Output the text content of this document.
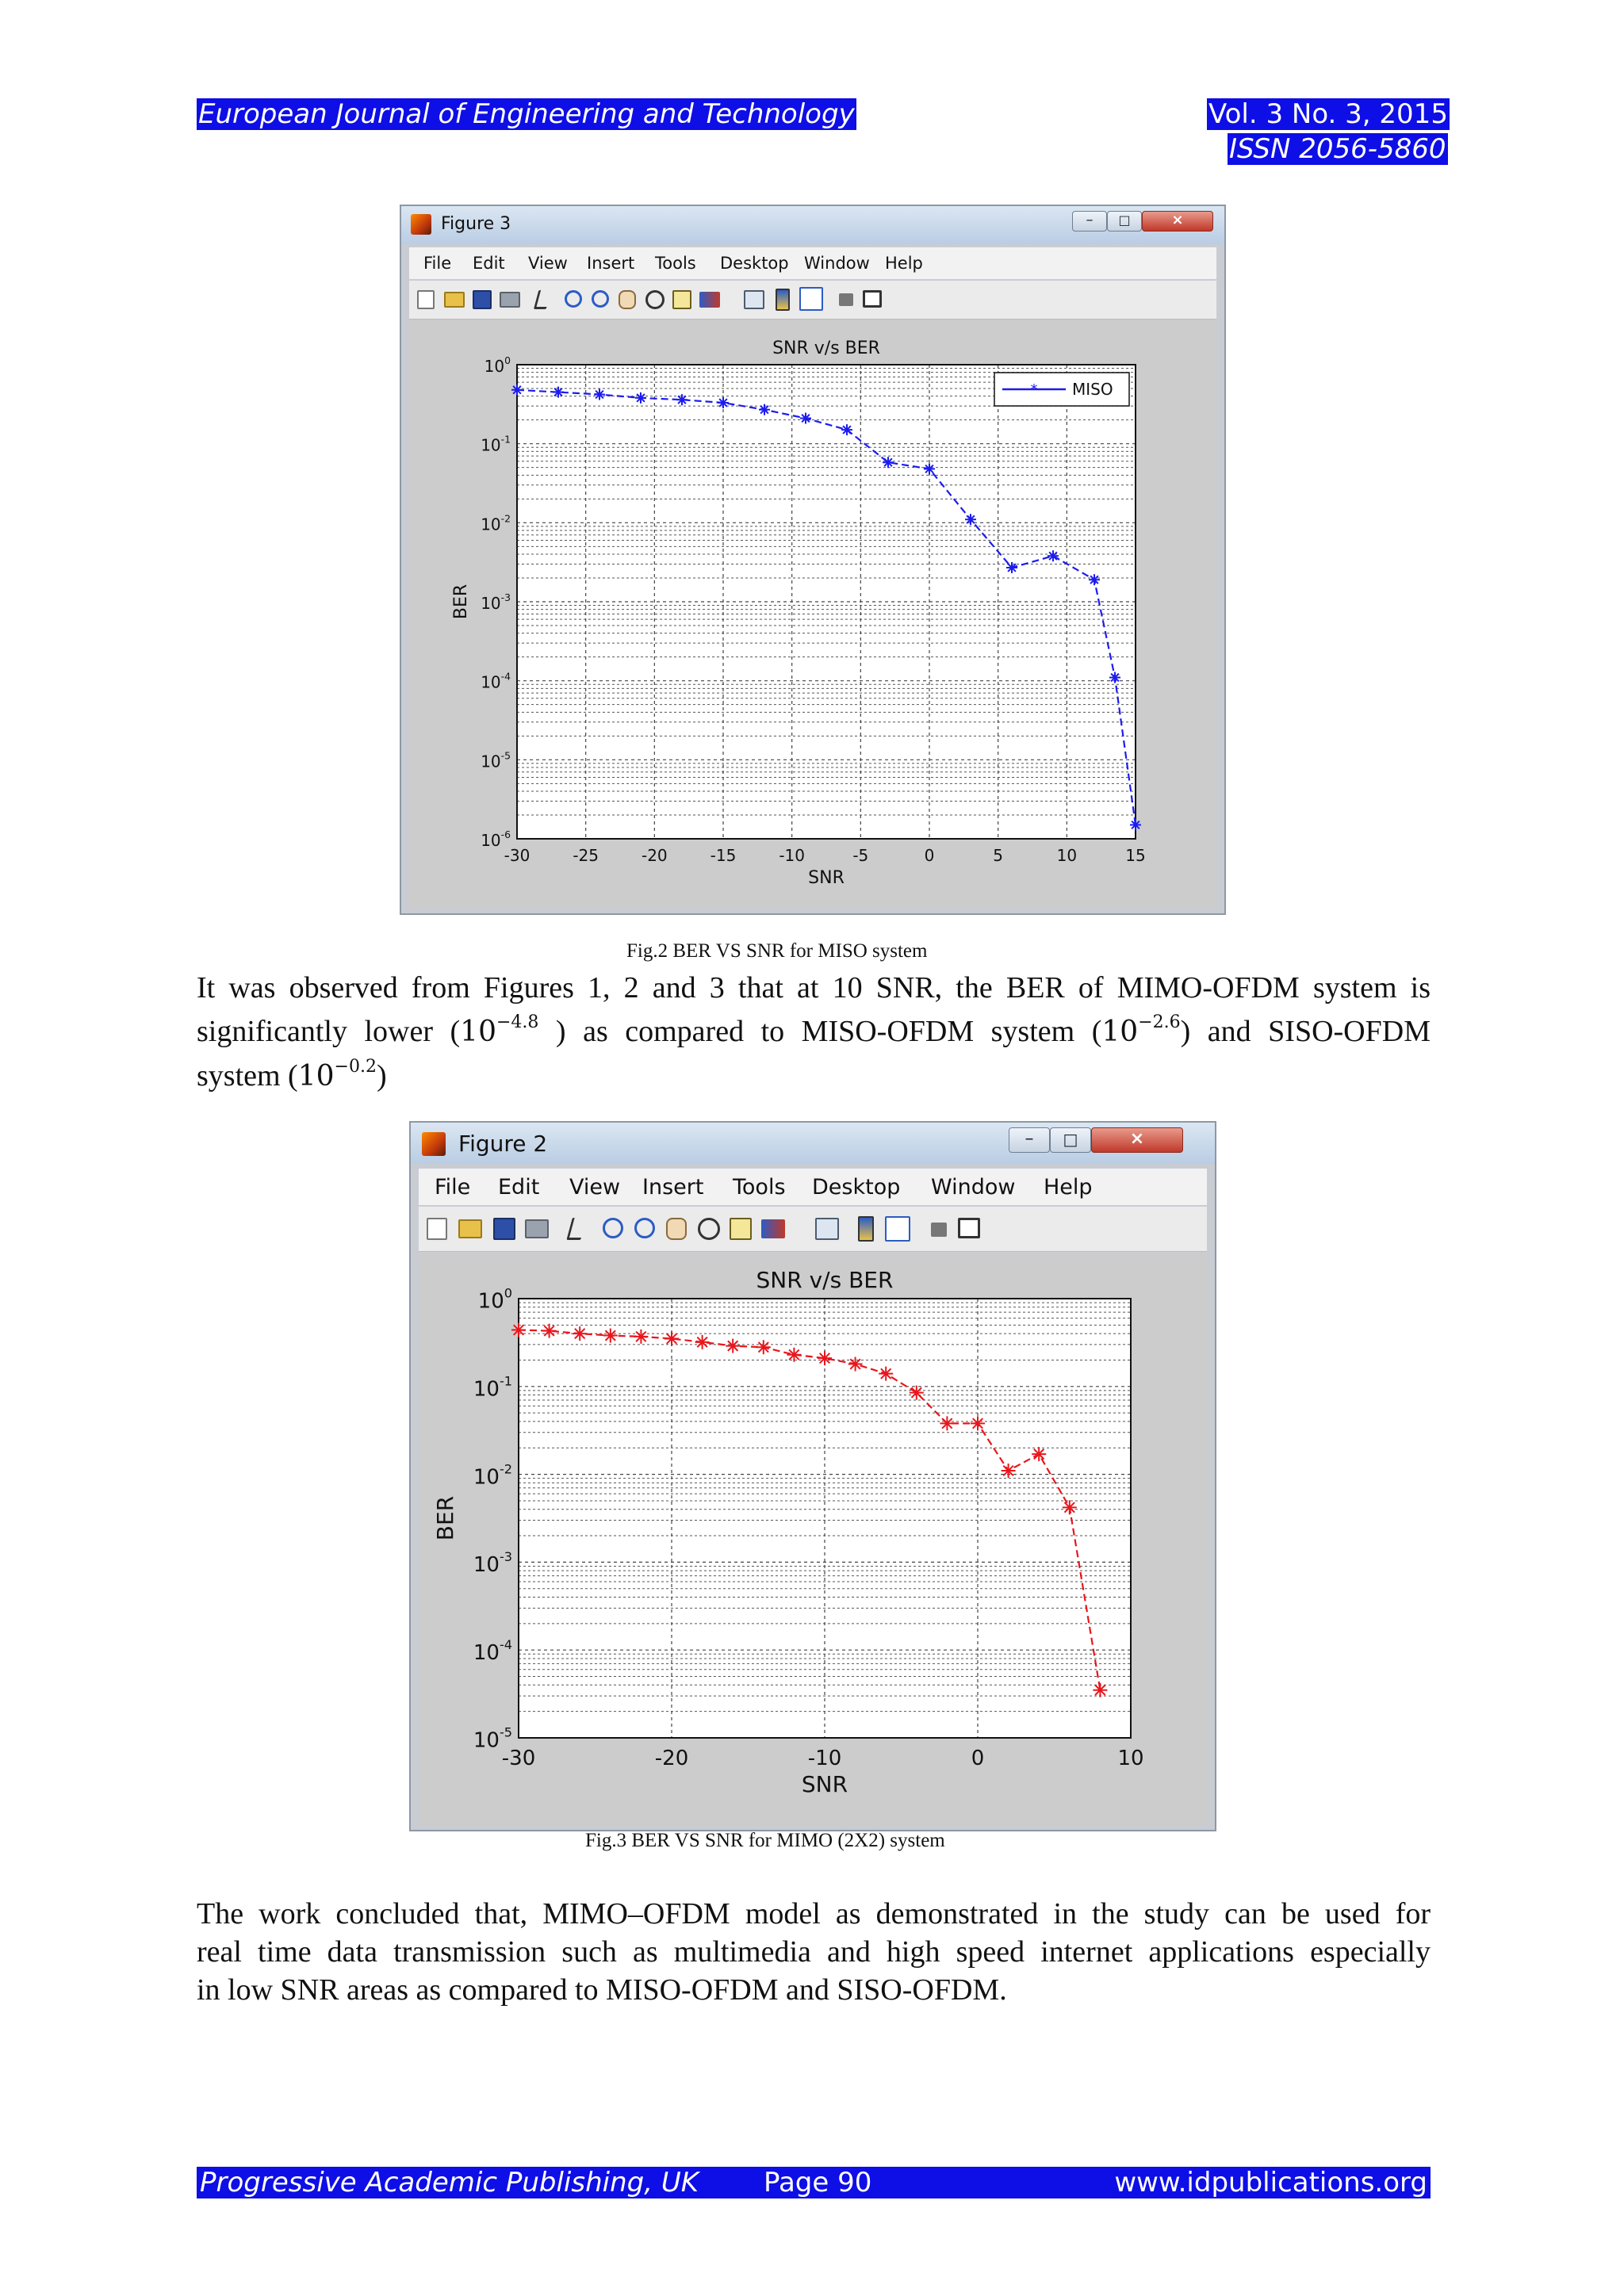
European Journal of Engineering and Technology	Vol. 3 No. 3, 2015
ISSN 2056-5860
Figure 3	–	□	×
File Edit View Insert Tools Desktop Window Help
-30	-25	-20	-15	-10	-5	0	5	10	15
$10^{-6}$
$10^{-5}$
$10^{-4}$
$10^{-3}$
$10^{-2}$
$10^{-1}$
$10^0$
* MISO
SNR v/s BER
SNR
BER
Fig.2 BER VS SNR for MISO system
It was observed from Figures 1, 2 and 3 that at 10 SNR, the BER of MIMO-OFDM system is
significantly lower ($10^{-4.8}$ ) as compared to MISO-OFDM system $(10^{-2.6})$ and SISO-OFDM
system $(10^{-0.2})$
Figure 2	–	□	×
File Edit View Insert Tools Desktop Window Help
-30	-20	-10	0	10
$10^{-5}$
$10^{-4}$
$10^{-3}$
$10^{-2}$
$10^{-1}$
$10^0$
SNR v/s BER
SNR
BER
Fig.3 BER VS SNR for MIMO (2X2) system
The work concluded that, MIMO–OFDM model as demonstrated in the study can be used for
real time data transmission such as multimedia and high speed internet applications especially
in low SNR areas as compared to MISO-OFDM and SISO-OFDM.
Progressive Academic Publishing, UK Page 90	www.idpublications.org
